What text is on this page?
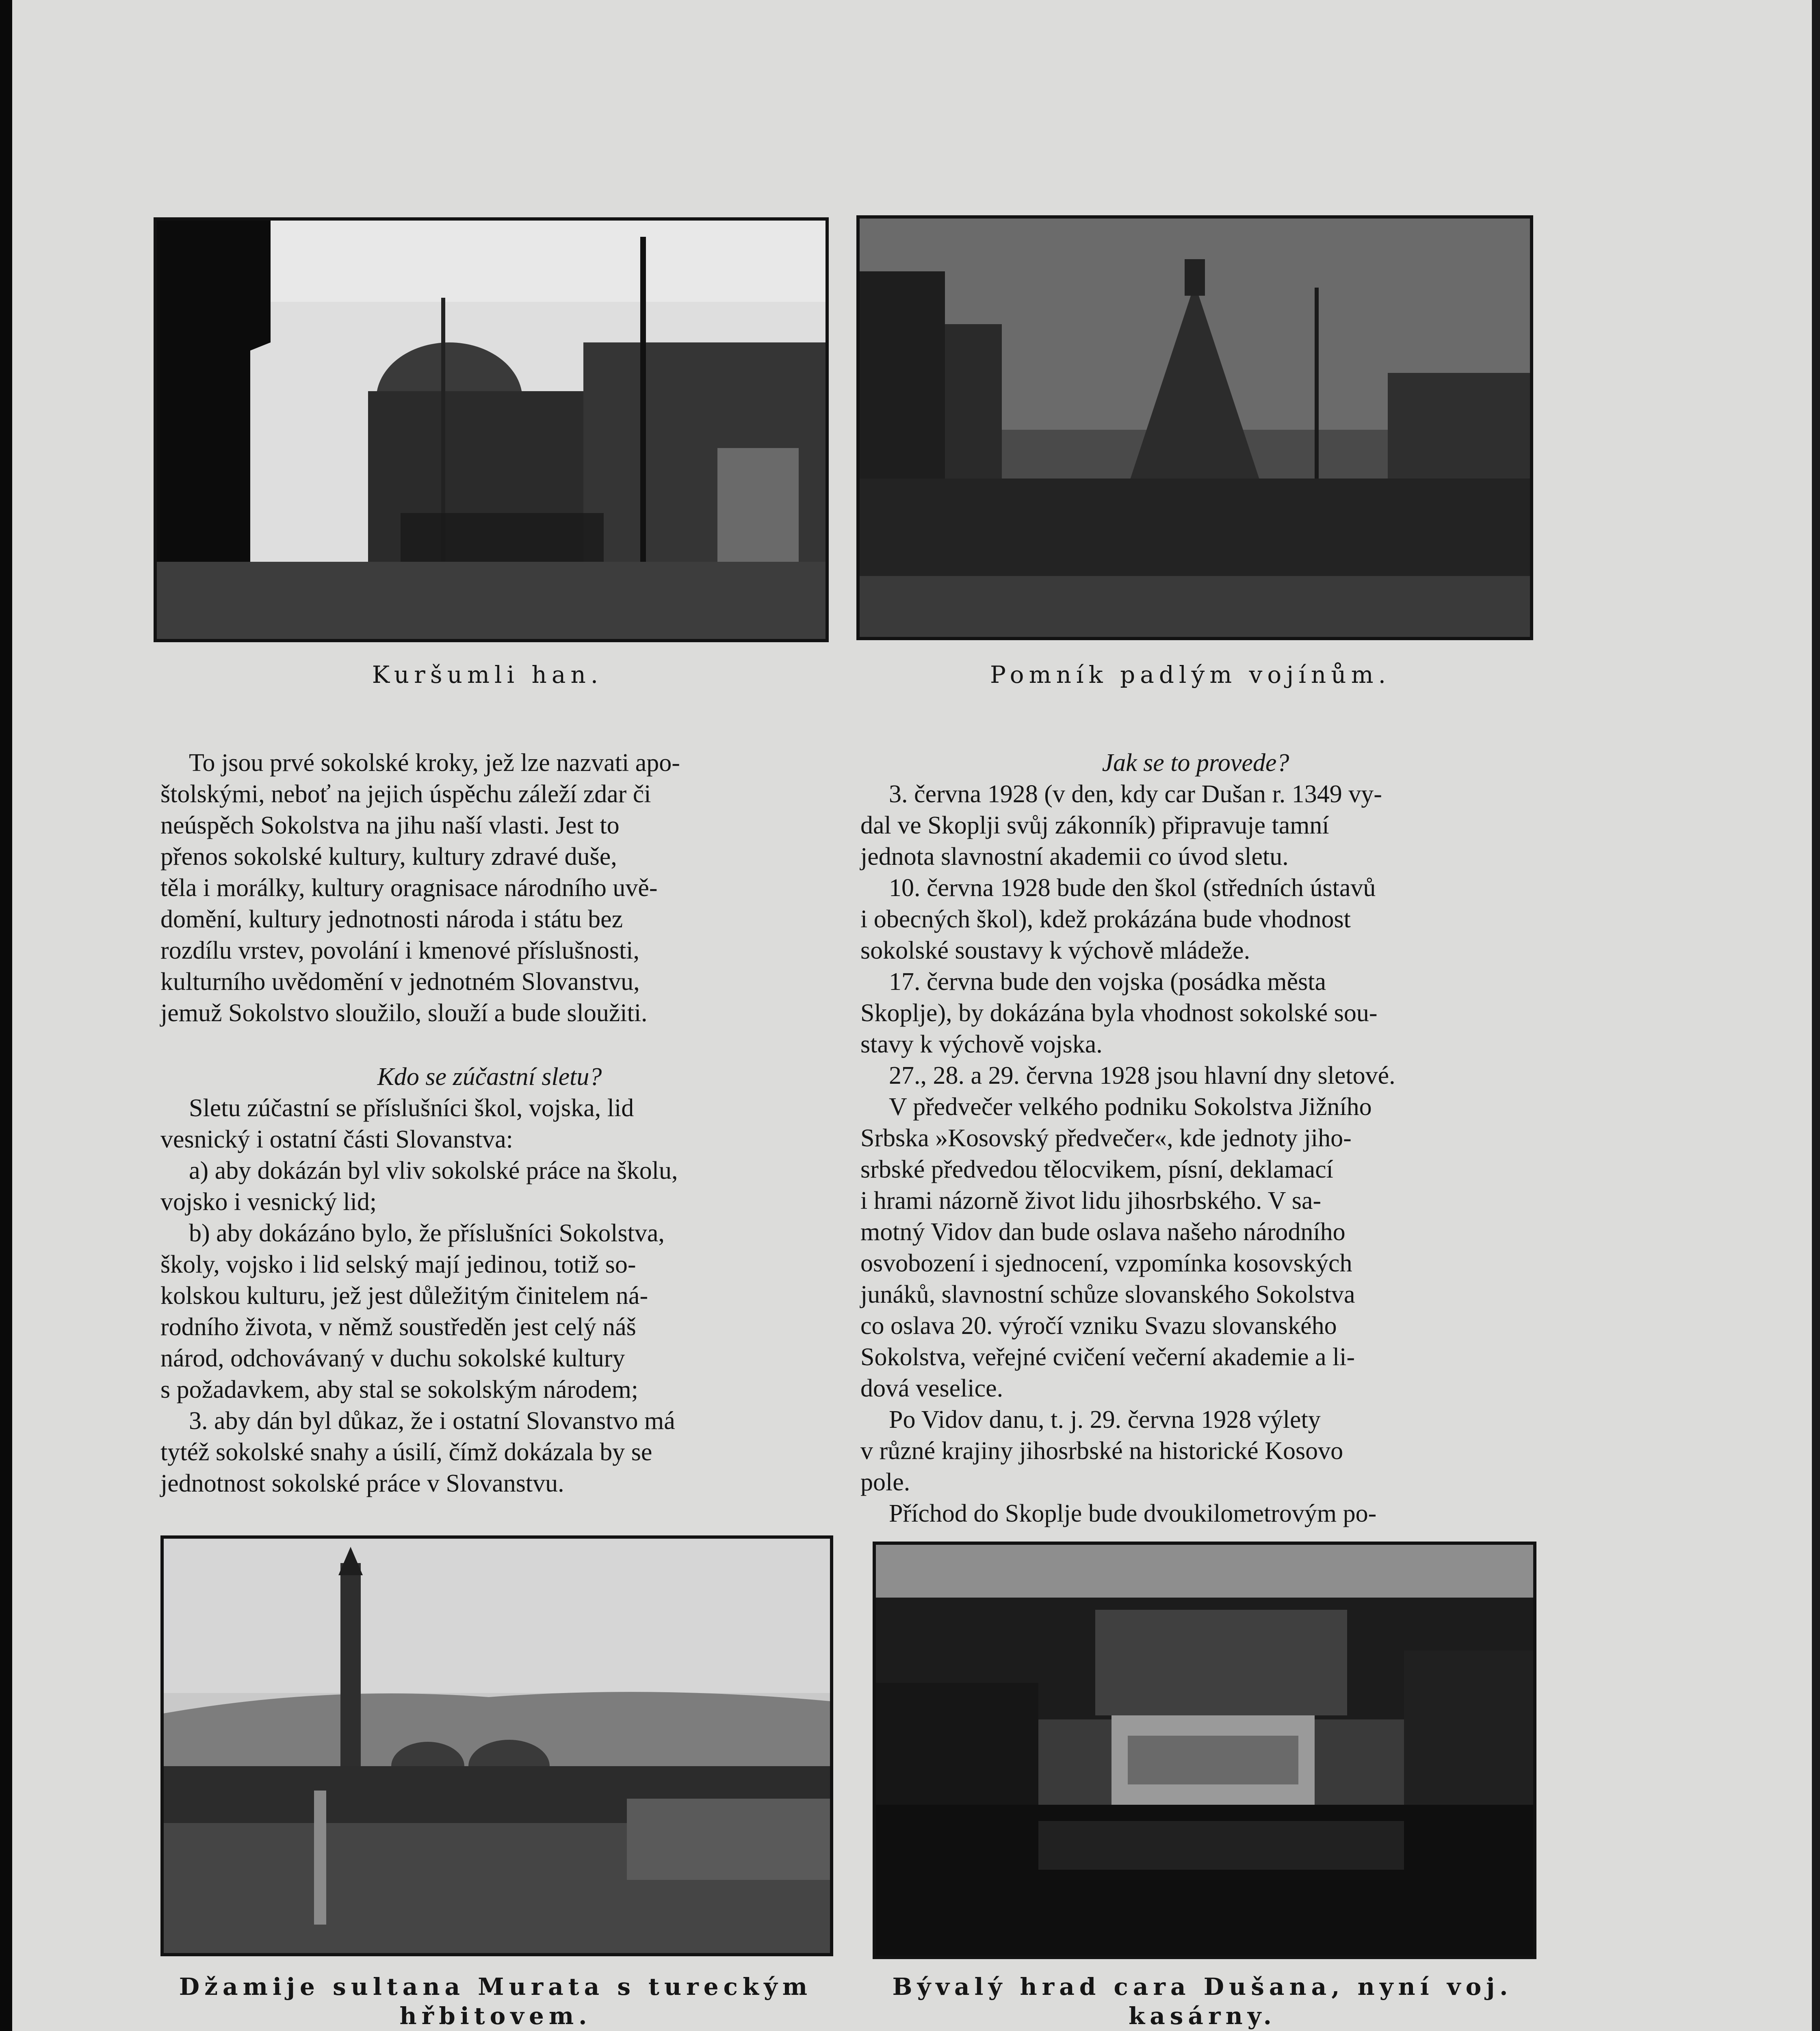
Kuršumli han.	Pomník padlým vojínům.

To jsou prvé sokolské kroky, jež lze nazvati apo-

štolskými, neboť na jejich úspěchu záleží zdar či

neúspěch Sokolstva na jihu naší vlasti. Jest to

přenos sokolské kultury, kultury zdravé duše,

těla i morálky, kultury oragnisace národního uvě-

domění, kultury jednotnosti národa i státu bez

rozdílu vrstev, povolání i kmenové příslušnosti,

kulturního uvědomění v jednotném Slovanstvu,

jemuž Sokolstvo sloužilo, slouží a bude sloužiti.

Kdo se zúčastní sletu?

Sletu zúčastní se příslušníci škol, vojska, lid

vesnický i ostatní části Slovanstva:

a) aby dokázán byl vliv sokolské práce na školu,

vojsko i vesnický lid;

b) aby dokázáno bylo, že příslušníci Sokolstva,

školy, vojsko i lid selský mají jedinou, totiž so-

kolskou kulturu, jež jest důležitým činitelem ná-

rodního života, v němž soustředěn jest celý náš

národ, odchovávaný v duchu sokolské kultury

s požadavkem, aby stal se sokolským národem;

3. aby dán byl důkaz, že i ostatní Slovanstvo má

tytéž sokolské snahy a úsilí, čímž dokázala by se

jednotnost sokolské práce v Slovanstvu.

Jak se to provede?

3. června 1928 (v den, kdy car Dušan r. 1349 vy-

dal ve Skoplji svůj zákonník) připravuje tamní

jednota slavnostní akademii co úvod sletu.

10. června 1928 bude den škol (středních ústavů

i obecných škol), kdež prokázána bude vhodnost

sokolské soustavy k výchově mládeže.

17. června bude den vojska (posádka města

Skoplje), by dokázána byla vhodnost sokolské sou-

stavy k výchově vojska.

27., 28. a 29. června 1928 jsou hlavní dny sletové.

V předvečer velkého podniku Sokolstva Jižního

Srbska »Kosovský předvečer«, kde jednoty jiho-

srbské předvedou tělocvikem, písní, deklamací

i hrami názorně život lidu jihosrbského. V sa-

motný Vidov dan bude oslava našeho národního

osvobození i sjednocení, vzpomínka kosovských

junáků, slavnostní schůze slovanského Sokolstva

co oslava 20. výročí vzniku Svazu slovanského

Sokolstva, veřejné cvičení večerní akademie a li-

dová veselice.

Po Vidov danu, t. j. 29. června 1928 výlety

v různé krajiny jihosrbské na historické Kosovo

pole.

Příchod do Skoplje bude dvoukilometrovým po-

Džamije sultana Murata s tureckým
hřbitovem.
Bývalý hrad cara Dušana, nyní voj.
kasárny.
